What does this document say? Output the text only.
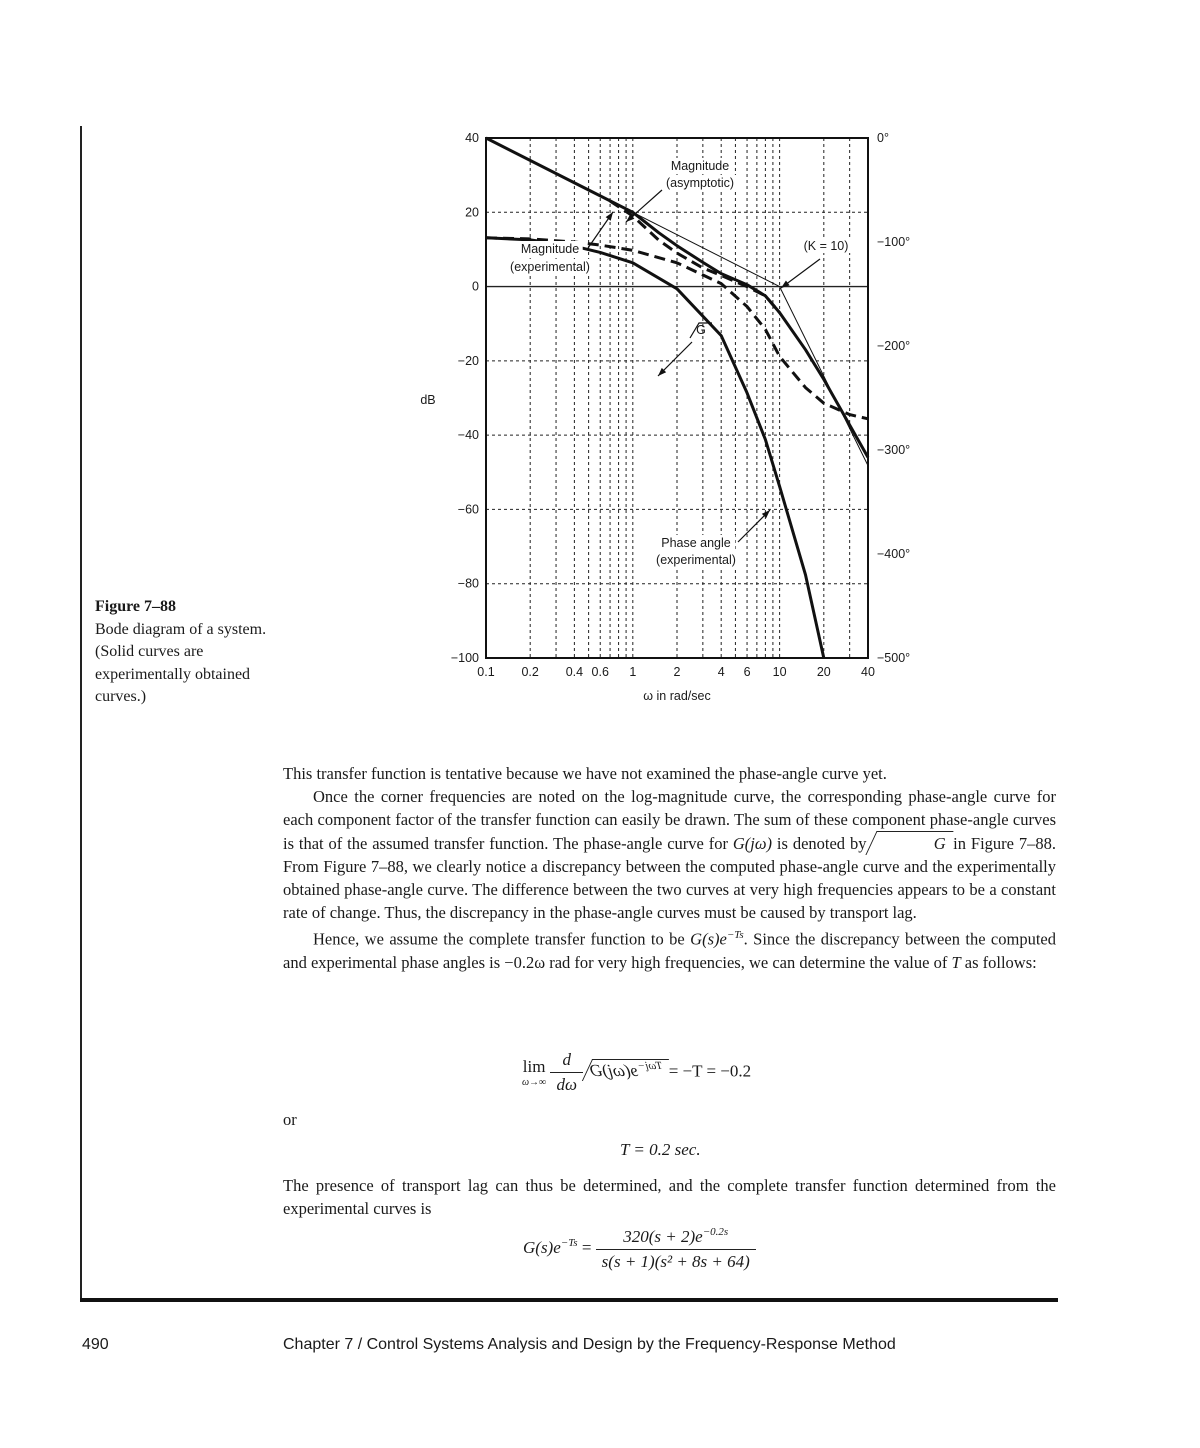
Figure 7–88
Bode diagram of a system. (Solid curves are experimentally obtained curves.)
40
20
0
−20
−40
−60
−80
−100
0°
−100°
−200°
−300°
−400°
−500°
0.1 0.2 0.4 0.6 1	2	4 6 10 20 40
ω in rad/sec
dB
Magnitude
(asymptotic)
Magnitude
(experimental)
(K = 10)
G
Phase angle
(experimental)

This transfer function is tentative because we have not examined the phase-angle curve yet.

Once the corner frequencies are noted on the log-magnitude curve, the corresponding phase-angle curve for each component factor of the transfer function can easily be drawn. The sum of these component phase-angle curves is that of the assumed transfer function. The phase-angle curve for G(jω) is denoted by	G in Figure 7–88. From Figure 7–88, we clearly notice a discrepancy between the computed phase-angle curve and the experimentally obtained phase-angle curve. The difference between the two curves at very high frequencies appears to be a constant rate of change. Thus, the discrepancy in the phase-angle curves must be caused by transport lag.

Hence, we assume the complete transfer function to be $G(s)e^{-Ts}$. Since the discrepancy between the computed and experimental phase angles is −0.2ω rad for very high frequencies, we can determine the value of T as follows:

lim
ω→∞
$\frac{d}{d\omega} G(j\omega)e-j\omega T = -T = -0.2$

or

T = 0.2 sec.

The presence of transport lag can thus be determined, and the complete transfer function determined from the experimental curves is

$G(s)e^{-Ts} = \frac{320(s + 2)e^{-0.2s}}{\text{s(s + 1)(s² + 8s + 64)}}$
490	Chapter 7 / Control Systems Analysis and Design by the Frequency-Response Method
